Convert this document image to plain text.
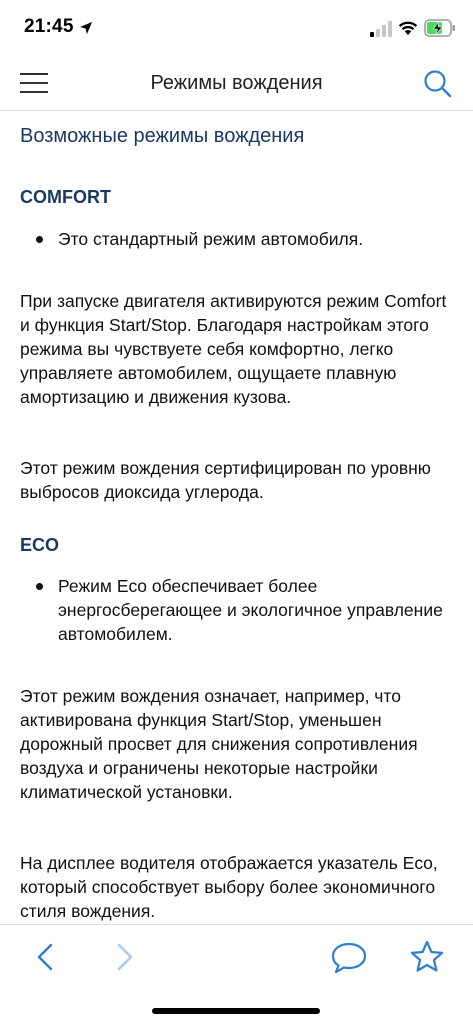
21:45
Режимы вождения
Возможные режимы вождения
COMFORT
Это стандартный режим автомобиля.
При запуске двигателя активируются режим Comfort и функция Start/Stop. Благодаря настройкам этого режима вы чувствуете себя комфортно, легко управляете автомобилем, ощущаете плавную амортизацию и движения кузова.
Этот режим вождения сертифицирован по уровню выбросов диоксида углерода.
ECO
Режим Eco обеспечивает более энергосберегающее и экологичное управление автомобилем.
Этот режим вождения означает, например, что активирована функция Start/Stop, уменьшен дорожный просвет для снижения сопротивления воздуха и ограничены некоторые настройки климатической установки.
На дисплее водителя отображается указатель Eco, который способствует выбору более экономичного стиля вождения.
